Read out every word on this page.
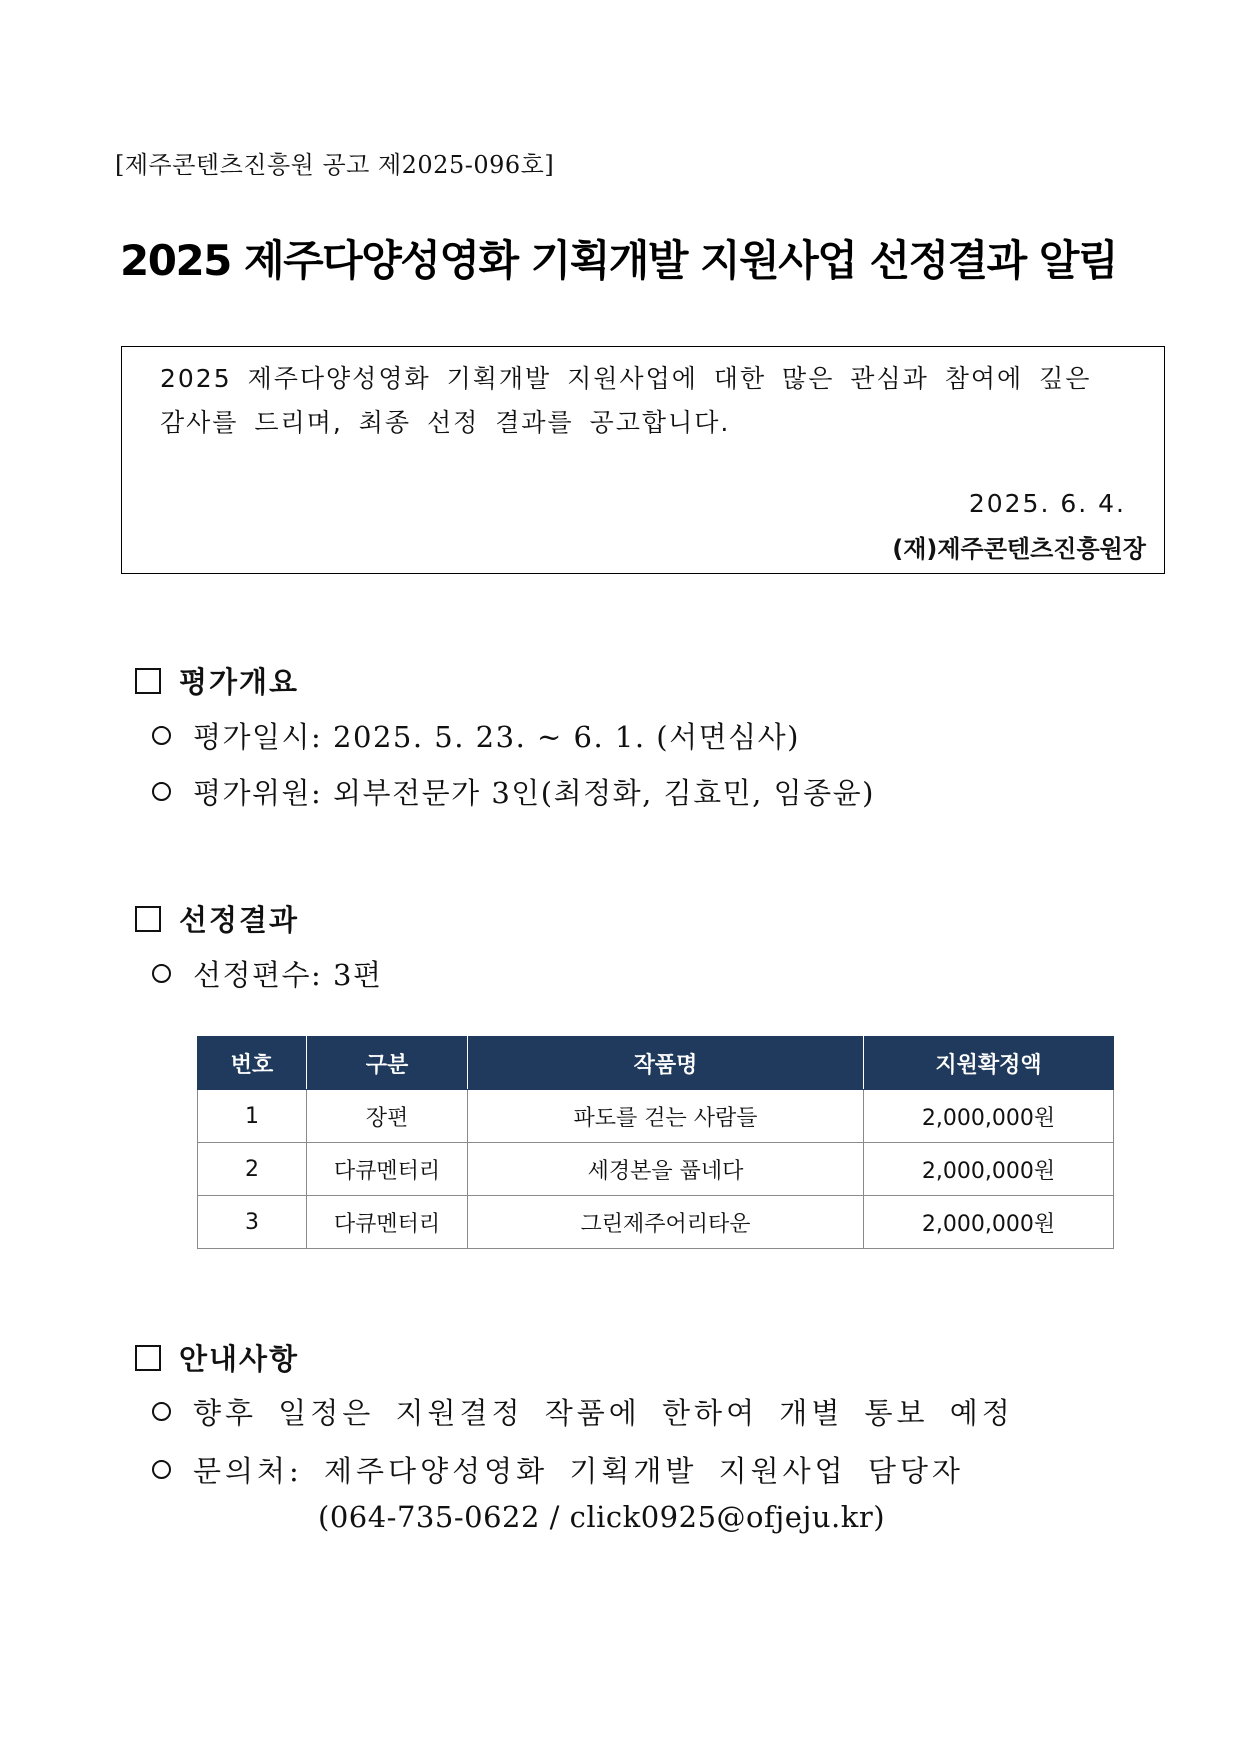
[제주콘텐츠진흥원 공고 제2025-096호]
2025 제주다양성영화 기획개발 지원사업 선정결과 알림
2025 제주다양성영화 기획개발 지원사업에 대한 많은 관심과 참여에 깊은
감사를 드리며, 최종 선정 결과를 공고합니다.
2025. 6. 4.
(재)제주콘텐츠진흥원장
평가개요
평가일시: 2025. 5. 23. ~ 6. 1. (서면심사)
평가위원: 외부전문가 3인(최정화, 김효민, 임종윤)
선정결과
선정편수: 3편
번호	구분	작품명	지원확정액
1	장편	파도를 걷는 사람들	2,000,000원
2	다큐멘터리	세경본을 풉네다	2,000,000원
3	다큐멘터리	그린제주어리타운	2,000,000원
안내사항
향후 일정은 지원결정 작품에 한하여 개별 통보 예정
문의처: 제주다양성영화 기획개발 지원사업 담당자
(064-735-0622 / click0925@ofjeju.kr)
